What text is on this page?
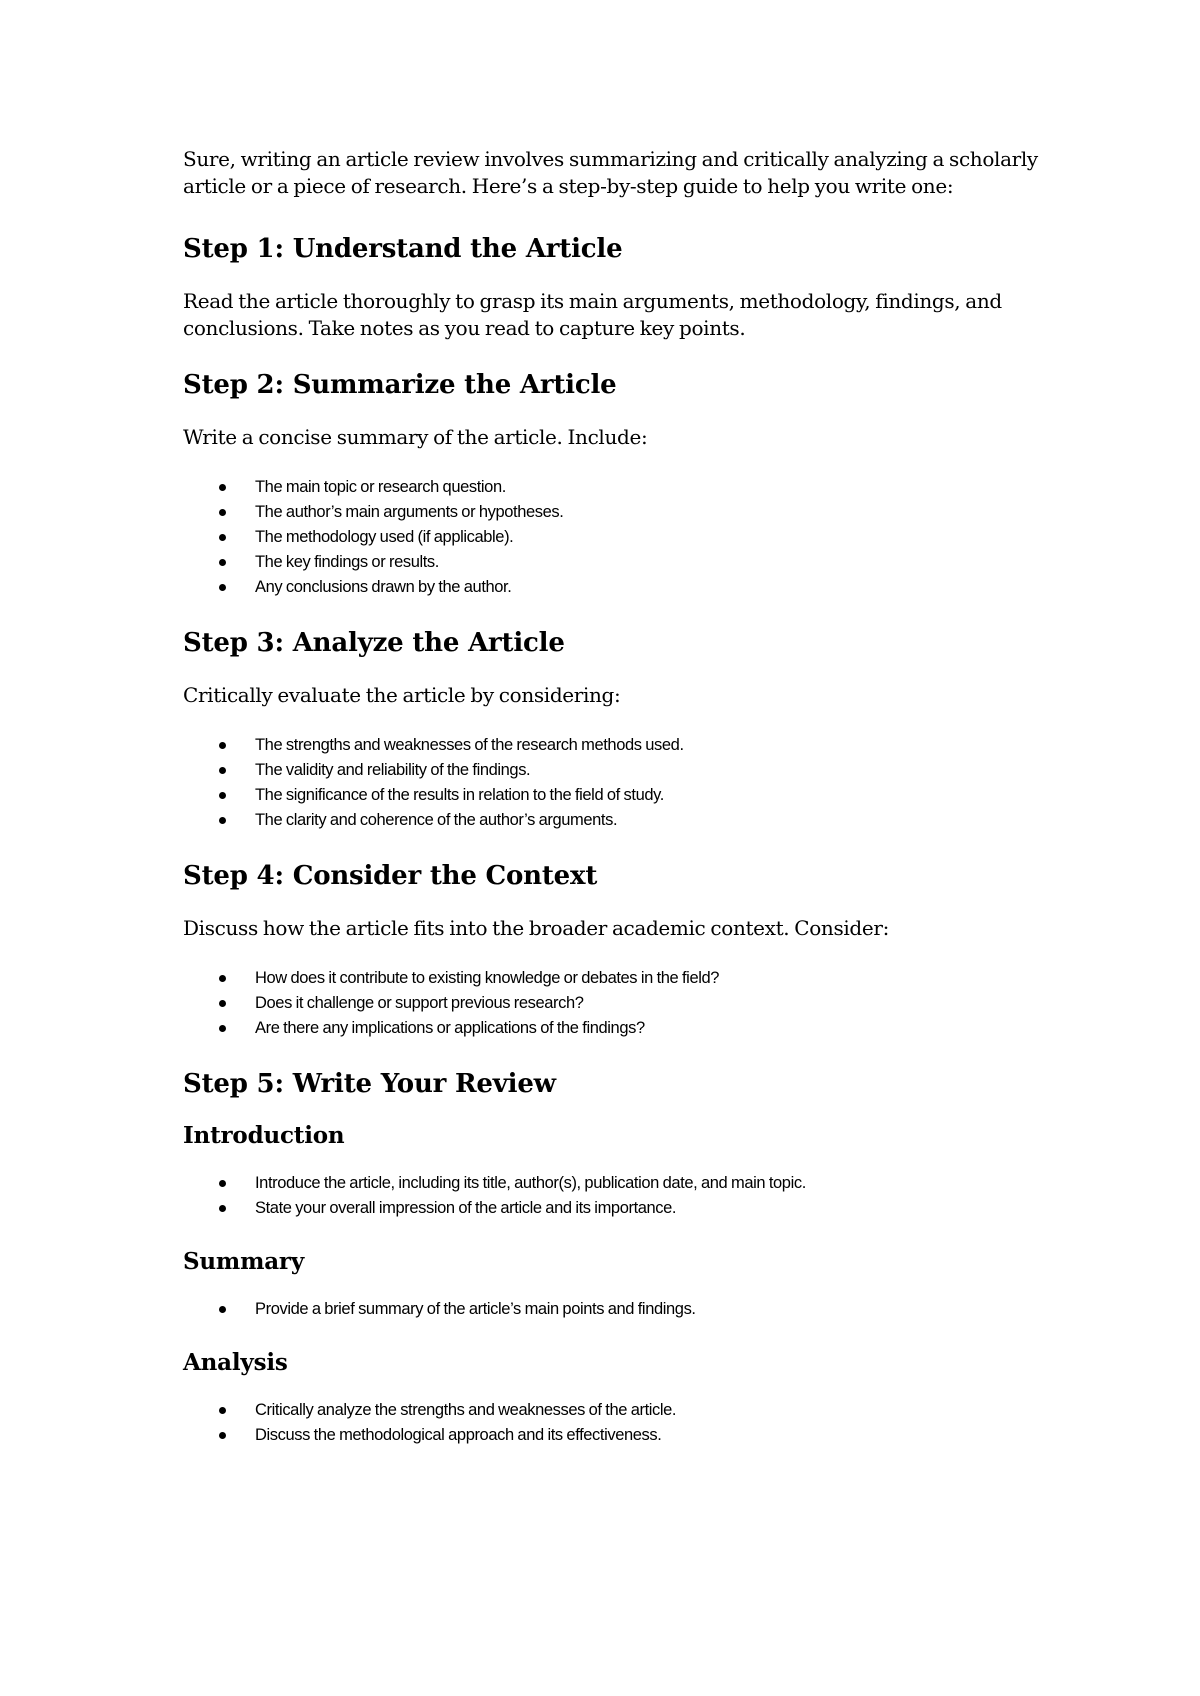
Sure, writing an article review involves summarizing and critically analyzing a scholarly article or a piece of research. Here’s a step-by-step guide to help you write one:

Step 1: Understand the Article

Read the article thoroughly to grasp its main arguments, methodology, findings, and conclusions. Take notes as you read to capture key points.

Step 2: Summarize the Article

Write a concise summary of the article. Include:

The main topic or research question.
The author’s main arguments or hypotheses.
The methodology used (if applicable).
The key findings or results.
Any conclusions drawn by the author.
Step 3: Analyze the Article

Critically evaluate the article by considering:

The strengths and weaknesses of the research methods used.
The validity and reliability of the findings.
The significance of the results in relation to the field of study.
The clarity and coherence of the author’s arguments.
Step 4: Consider the Context

Discuss how the article fits into the broader academic context. Consider:

How does it contribute to existing knowledge or debates in the field?
Does it challenge or support previous research?
Are there any implications or applications of the findings?
Step 5: Write Your Review
Introduction
Introduce the article, including its title, author(s), publication date, and main topic.
State your overall impression of the article and its importance.
Summary
Provide a brief summary of the article’s main points and findings.
Analysis
Critically analyze the strengths and weaknesses of the article.
Discuss the methodological approach and its effectiveness.
